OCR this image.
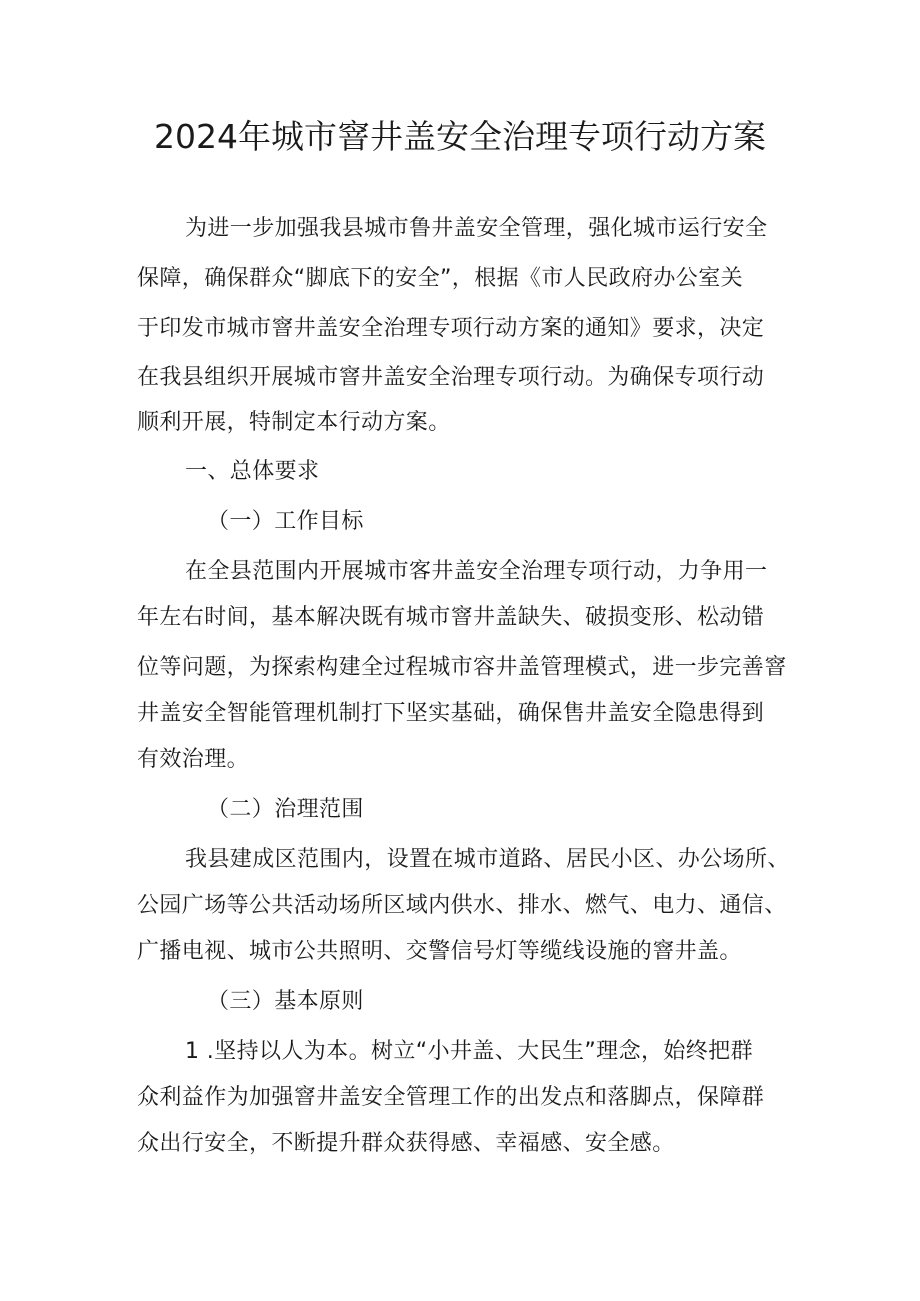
2024年城市窨井盖安全治理专项行动方案
为进一步加强我县城市鲁井盖安全管理，强化城市运行安全
保障，确保群众“脚底下的安全”，根据《市人民政府办公室关
于印发市城市窨井盖安全治理专项行动方案的通知》要求，决定
在我县组织开展城市窨井盖安全治理专项行动。为确保专项行动
顺利开展，特制定本行动方案。
一、总体要求
（一）工作目标
在全县范围内开展城市客井盖安全治理专项行动，力争用一
年左右时间，基本解决既有城市窨井盖缺失、破损变形、松动错
位等问题，为探索构建全过程城市容井盖管理模式，进一步完善窨
井盖安全智能管理机制打下坚实基础，确保售井盖安全隐患得到
有效治理。
（二）治理范围
我县建成区范围内，设置在城市道路、居民小区、办公场所、
公园广场等公共活动场所区域内供水、排水、燃气、电力、通信、
广播电视、城市公共照明、交警信号灯等缆线设施的窨井盖。
（三）基本原则
1 .坚持以人为本。树立“小井盖、大民生”理念，始终把群
众利益作为加强窨井盖安全管理工作的出发点和落脚点，保障群
众出行安全，不断提升群众获得感、幸福感、安全感。
